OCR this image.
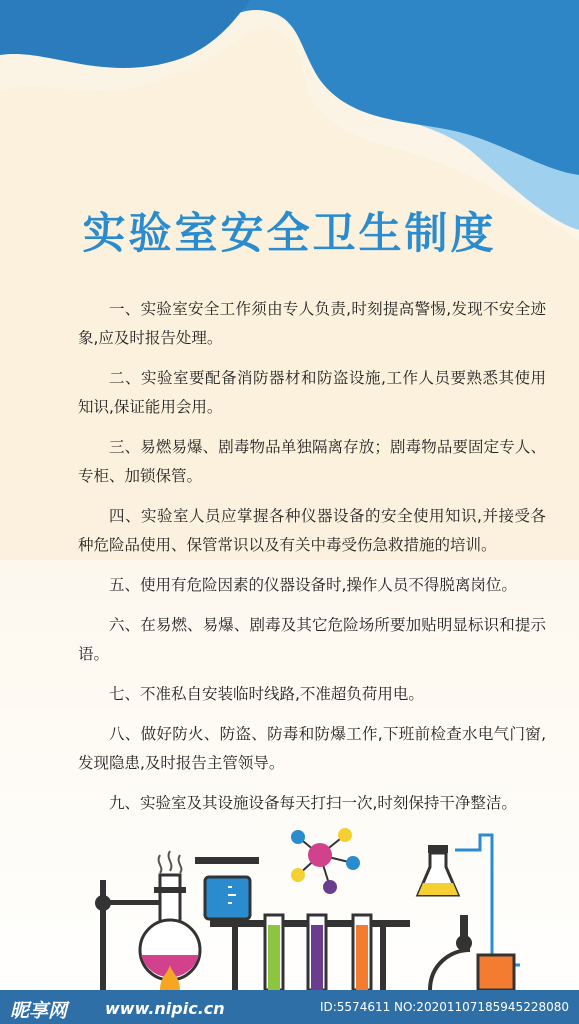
实验室安全卫生制度

一、实验室安全工作须由专人负责,时刻提高警惕,发现不安全迹象,应及时报告处理。

二、实验室要配备消防器材和防盗设施,工作人员要熟悉其使用知识,保证能用会用。

三、易燃易爆、剧毒物品单独隔离存放；剧毒物品要固定专人、专柜、加锁保管。

四、实验室人员应掌握各种仪器设备的安全使用知识,并接受各种危险品使用、保管常识以及有关中毒受伤急救措施的培训。

五、使用有危险因素的仪器设备时,操作人员不得脱离岗位。

六、在易燃、易爆、剧毒及其它危险场所要加贴明显标识和提示语。

七、不准私自安装临时线路,不准超负荷用电。

八、做好防火、防盗、防毒和防爆工作,下班前检查水电气门窗,发现隐患,及时报告主管领导。

九、实验室及其设施设备每天打扫一次,时刻保持干净整洁。

昵享网 www.nipic.cn	ID:5574611 NO:20201107185945228080
